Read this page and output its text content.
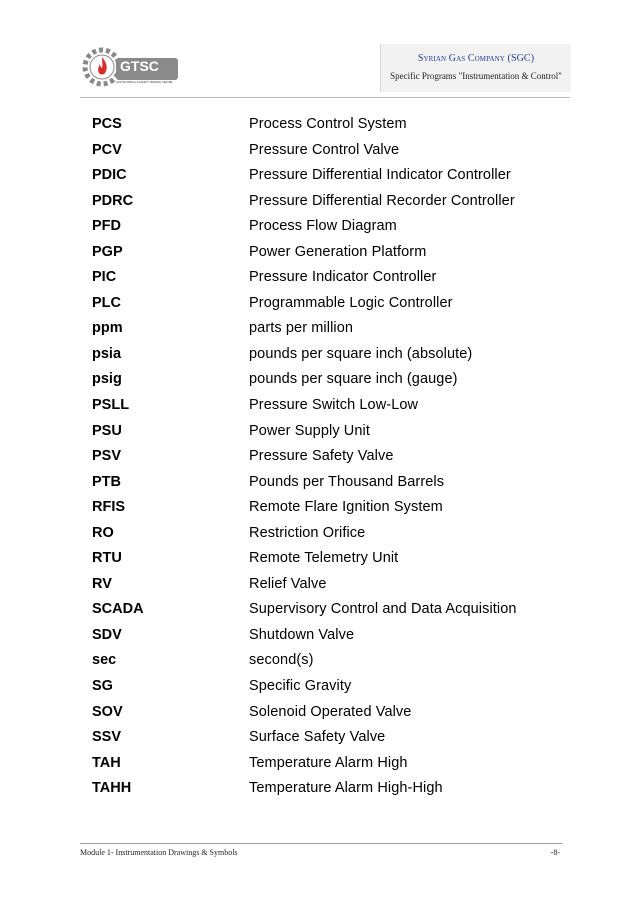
GTSC
GAS TECHNICAL & SAFETY TRAINING CENTRE
Syrian Gas Company (SGC)
Specific Programs "Instrumentation & Control"
PCS	Process Control System
PCV	Pressure Control Valve
PDIC	Pressure Differential Indicator Controller
PDRC	Pressure Differential Recorder Controller
PFD	Process Flow Diagram
PGP	Power Generation Platform
PIC	Pressure Indicator Controller
PLC	Programmable Logic Controller
ppm	parts per million
psia	pounds per square inch (absolute)
psig	pounds per square inch (gauge)
PSLL	Pressure Switch Low-Low
PSU	Power Supply Unit
PSV	Pressure Safety Valve
PTB	Pounds per Thousand Barrels
RFIS	Remote Flare Ignition System
RO	Restriction Orifice
RTU	Remote Telemetry Unit
RV	Relief Valve
SCADA	Supervisory Control and Data Acquisition
SDV	Shutdown Valve
sec	second(s)
SG	Specific Gravity
SOV	Solenoid Operated Valve
SSV	Surface Safety Valve
TAH	Temperature Alarm High
TAHH	Temperature Alarm High-High
Module 1- Instrumentation Drawings & Symbols	-8-
